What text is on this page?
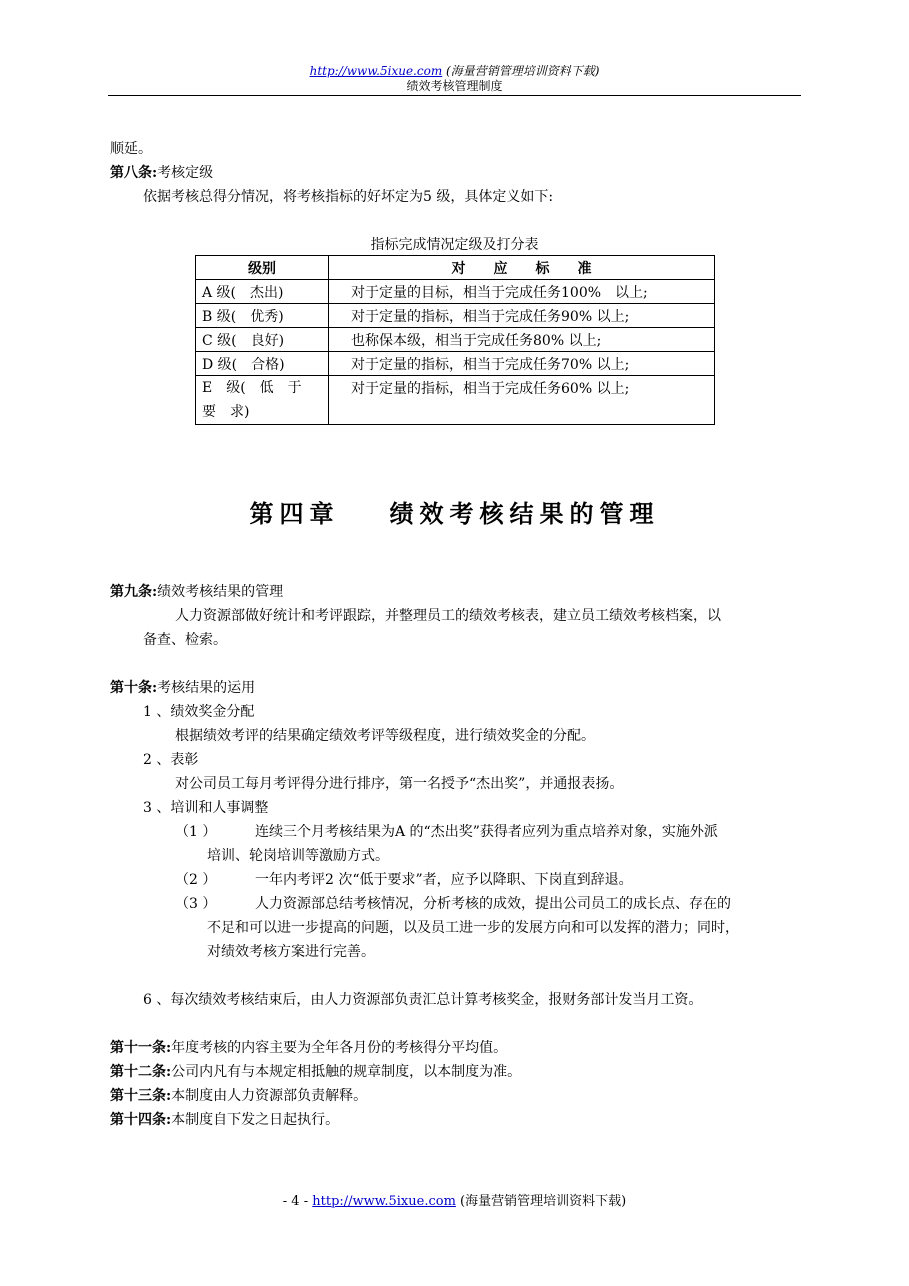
http://www.5ixue.com (海量营销管理培训资料下载)
绩效考核管理制度
顺延。
第八条:考核定级
依据考核总得分情况，将考核指标的好坏定为5 级，具体定义如下:
指标完成情况定级及打分表
级别	对　　应　　标　　准
A 级(　杰出)	对于定量的目标，相当于完成任务100%　以上;
B 级(　优秀)	对于定量的指标，相当于完成任务90% 以上;
C 级(　良好)	也称保本级，相当于完成任务80% 以上;
D 级(　合格)	对于定量的指标，相当于完成任务70% 以上;
E　级(　低　于　要　求)	对于定量的指标，相当于完成任务60% 以上;
第四章 绩效考核结果的管理
第九条:绩效考核结果的管理
人力资源部做好统计和考评跟踪，并整理员工的绩效考核表，建立员工绩效考核档案，以
备查、检索。
第十条:考核结果的运用
1 、绩效奖金分配
根据绩效考评的结果确定绩效考评等级程度，进行绩效奖金的分配。
2 、表彰
对公司员工每月考评得分进行排序，第一名授予“杰出奖”，并通报表扬。
3 、培训和人事调整
（1 ）	连续三个月考核结果为A 的“杰出奖”获得者应列为重点培养对象，实施外派
培训、轮岗培训等激励方式。
（2 ）	一年内考评2 次“低于要求”者，应予以降职、下岗直到辞退。
（3 ）	人力资源部总结考核情况，分析考核的成效，提出公司员工的成长点、存在的
不足和可以进一步提高的问题，以及员工进一步的发展方向和可以发挥的潜力；同时，
对绩效考核方案进行完善。
6 、每次绩效考核结束后，由人力资源部负责汇总计算考核奖金，报财务部计发当月工资。
第十一条:年度考核的内容主要为全年各月份的考核得分平均值。
第十二条:公司内凡有与本规定相抵触的规章制度，以本制度为准。
第十三条:本制度由人力资源部负责解释。
第十四条:本制度自下发之日起执行。
- 4 - http://www.5ixue.com (海量营销管理培训资料下载)
